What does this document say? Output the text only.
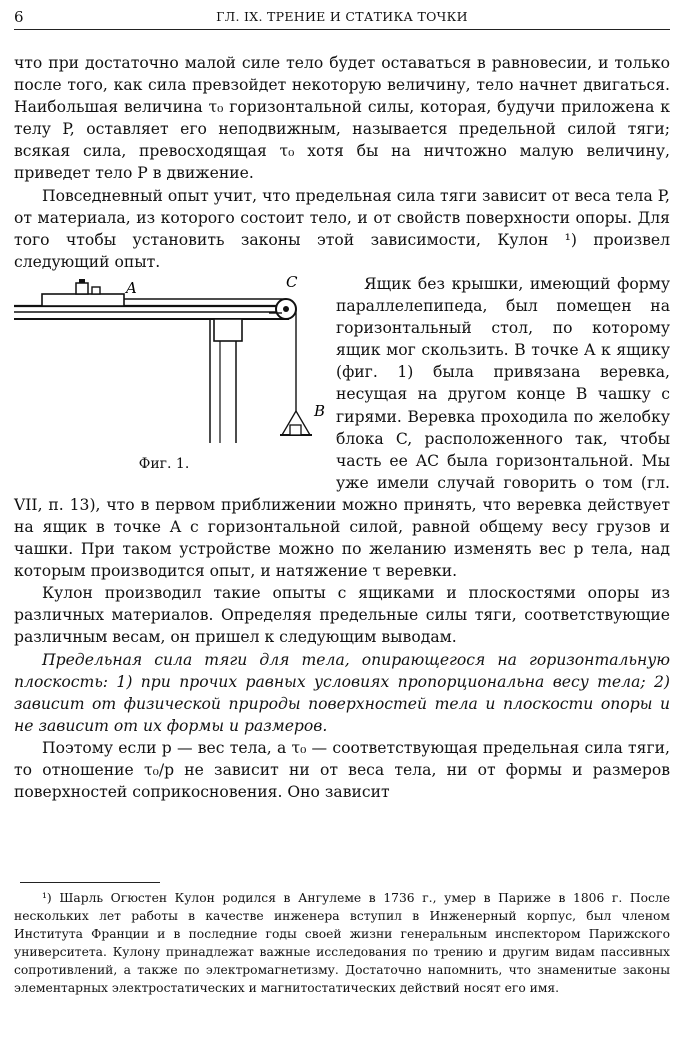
6	ГЛ. IX. ТРЕНИЕ И СТАТИКА ТОЧКИ

что при достаточно малой силе тело будет оставаться в равновесии, и только после того, как сила превзойдет некоторую величину, тело начнет двигаться. Наибольшая величина τ₀ горизонтальной силы, которая, будучи приложена к телу P, оставляет его неподвижным, называется предельной силой тяги; всякая сила, превосходящая τ₀ хотя бы на ничтожно малую величину, приведет тело P в движение.

Повседневный опыт учит, что предельная сила тяги зависит от веса тела P, от материала, из которого состоит тело, и от свойств поверхности опоры. Для того чтобы установить законы этой зависимости, Кулон ¹) произвел следующий опыт.

A	C
B
Фиг. 1.

Ящик без крышки, имеющий форму параллелепипеда, был помещен на горизонтальный стол, по которому ящик мог скользить. В точке A к ящику (фиг. 1) была привязана веревка, несущая на другом конце B чашку с гирями. Веревка проходила по желобку блока C, расположенного так, чтобы часть ее AC была горизонтальной. Мы уже имели случай говорить о том (гл. VII, п. 13), что в первом приближении можно принять, что веревка действует на ящик в точке A с горизонтальной силой, равной общему весу грузов и чашки. При таком устройстве можно по желанию изменять вес p тела, над которым производится опыт, и натяжение τ веревки.

Кулон производил такие опыты с ящиками и плоскостями опоры из различных материалов. Определяя предельные силы тяги, соответствующие различным весам, он пришел к следующим выводам.

Предельная сила тяги для тела, опирающегося на горизонтальную плоскость: 1) при прочих равных условиях пропорциональна весу тела; 2) зависит от физической природы поверхностей тела и плоскости опоры и не зависит от их формы и размеров.

Поэтому если p — вес тела, а τ₀ — соответствующая предельная сила тяги, то отношение τ₀/p не зависит ни от веса тела, ни от формы и размеров поверхностей соприкосновения. Оно зависит

¹) Шарль Огюстен Кулон родился в Ангулеме в 1736 г., умер в Париже в 1806 г. После нескольких лет работы в качестве инженера вступил в Инженерный корпус, был членом Института Франции и в последние годы своей жизни генеральным инспектором Парижского университета. Кулону принадлежат важные исследования по трению и другим видам пассивных сопротивлений, а также по электромагнетизму. Достаточно напомнить, что знаменитые законы элементарных электростатических и магнитостатических действий носят его имя.
